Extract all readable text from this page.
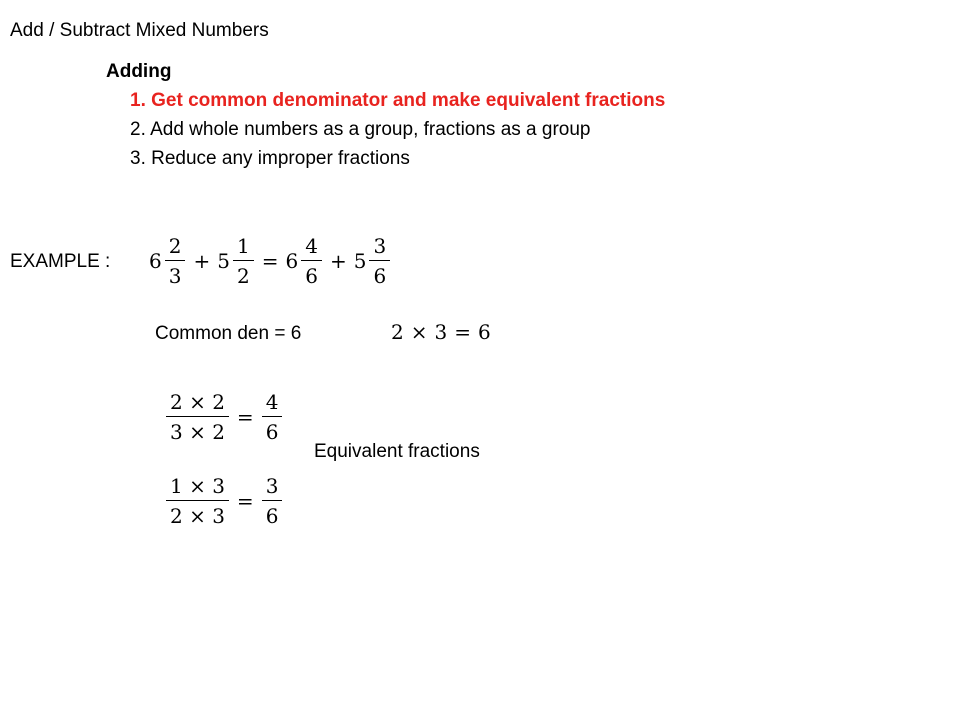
Add / Subtract Mixed Numbers
Adding
1. Get common denominator and make equivalent fractions
2. Add whole numbers as a group, fractions as a group
3. Reduce any improper fractions
EXAMPLE : $6 \frac{2}{3} + 5 \frac{1}{2} = 6 \frac{4}{6} + 5 \frac{3}{6}$
Common den = 6	2 × 3 = 6
$\frac{2 \times 2}{3 \times 2} = \frac{4}{6}$
Equivalent fractions
$\frac{1 \times 3}{2 \times 3} = \frac{3}{6}$
